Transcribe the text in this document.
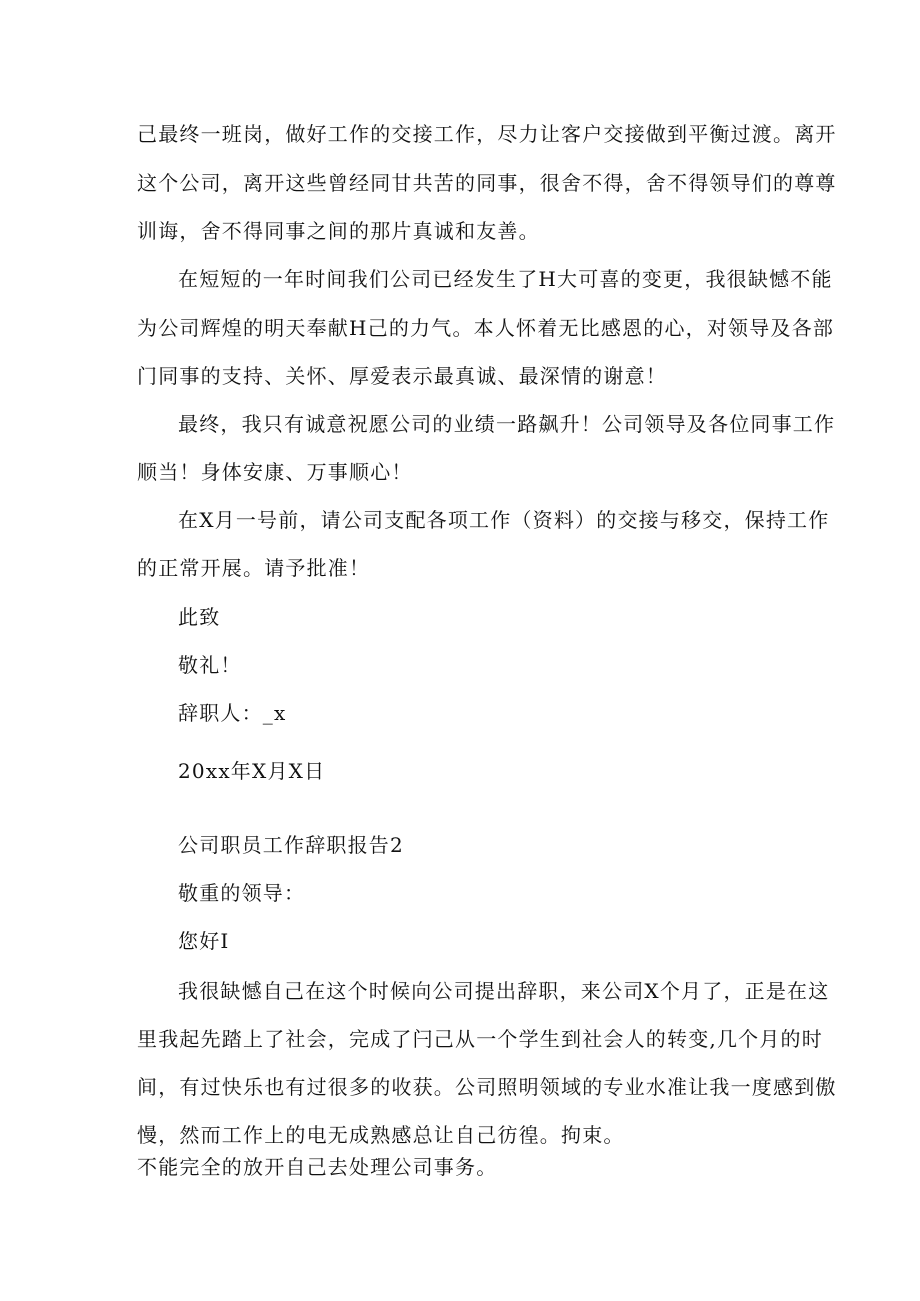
己最终一班岗，做好工作的交接工作，尽力让客户交接做到平衡过渡。离开
这个公司，离开这些曾经同甘共苦的同事，很舍不得，舍不得领导们的尊尊
训诲，舍不得同事之间的那片真诚和友善。
在短短的一年时间我们公司已经发生了H大可喜的变更，我很缺憾不能
为公司辉煌的明天奉献H己的力气。本人怀着无比感恩的心，对领导及各部
门同事的支持、关怀、厚爱表示最真诚、最深情的谢意！
最终，我只有诚意祝愿公司的业绩一路飙升！公司领导及各位同事工作
顺当！身体安康、万事顺心！
在X月一号前，请公司支配各项工作（资料）的交接与移交，保持工作
的正常开展。请予批准！
此致
敬礼！
辞职人：_x
20xx年X月X日
公司职员工作辞职报告2
敬重的领导：
您好I
我很缺憾自己在这个时候向公司提出辞职，来公司X个月了，正是在这
里我起先踏上了社会，完成了闩己从一个学生到社会人的转变,几个月的时
间，有过快乐也有过很多的收获。公司照明领域的专业水准让我一度感到傲
慢，然而工作上的电无成熟感总让自己彷徨。拘束。
不能完全的放开自己去处理公司事务。
